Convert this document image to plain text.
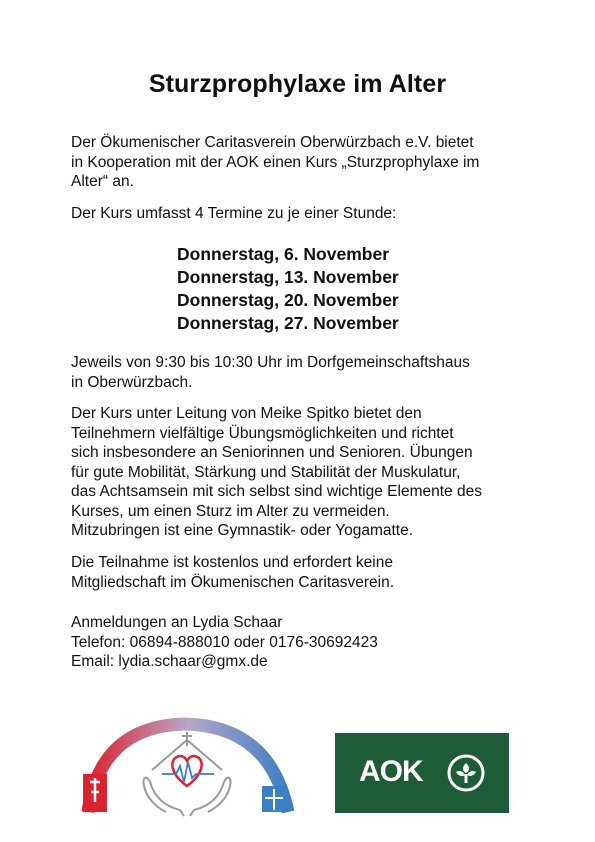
Sturzprophylaxe im Alter
Der Ökumenischer Caritasverein Oberwürzbach e.V. bietet
in Kooperation mit der AOK einen Kurs „Sturzprophylaxe im
Alter“ an.
Der Kurs umfasst 4 Termine zu je einer Stunde:
Donnerstag, 6. November
Donnerstag, 13. November
Donnerstag, 20. November
Donnerstag, 27. November
Jeweils von 9:30 bis 10:30 Uhr im Dorfgemeinschaftshaus
in Oberwürzbach.
Der Kurs unter Leitung von Meike Spitko bietet den
Teilnehmern vielfältige Übungsmöglichkeiten und richtet
sich insbesondere an Seniorinnen und Senioren. Übungen
für gute Mobilität, Stärkung und Stabilität der Muskulatur,
das Achtsamsein mit sich selbst sind wichtige Elemente des
Kurses, um einen Sturz im Alter zu vermeiden.
Mitzubringen ist eine Gymnastik- oder Yogamatte.
Die Teilnahme ist kostenlos und erfordert keine
Mitgliedschaft im Ökumenischen Caritasverein.
Anmeldungen an Lydia Schaar
Telefon: 06894-888010 oder 0176-30692423
Email: lydia.schaar@gmx.de
AOK
